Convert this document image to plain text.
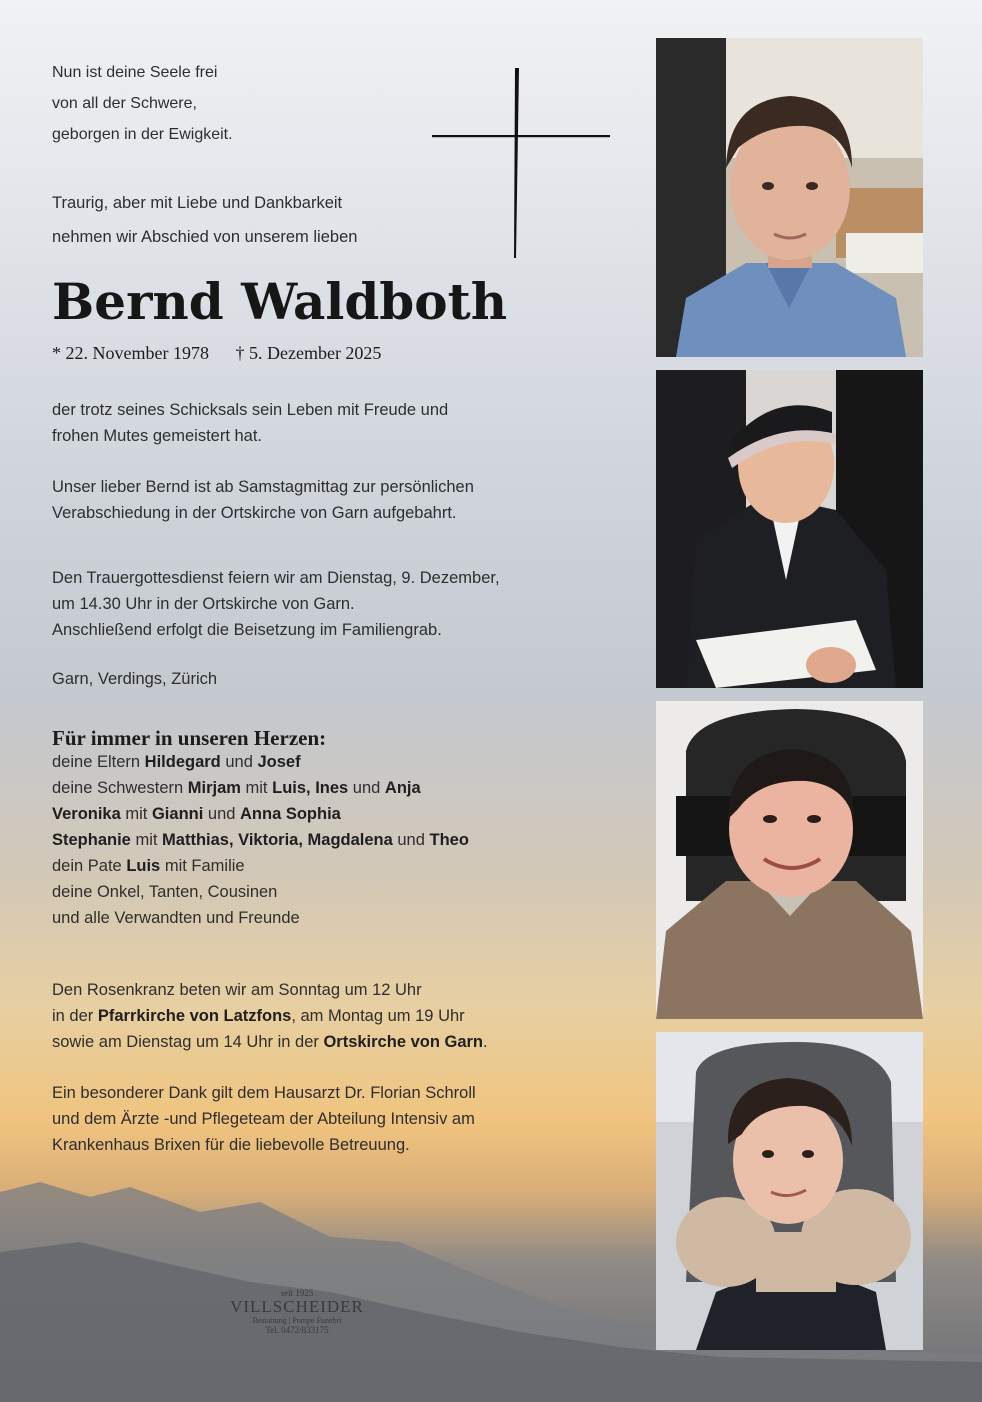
Nun ist deine Seele frei
von all der Schwere,
geborgen in der Ewigkeit.
Traurig, aber mit Liebe und Dankbarkeit
nehmen wir Abschied von unserem lieben
Bernd Waldboth
* 22. November 1978 † 5. Dezember 2025
der trotz seines Schicksals sein Leben mit Freude und
frohen Mutes gemeistert hat.
Unser lieber Bernd ist ab Samstagmittag zur persönlichen
Verabschiedung in der Ortskirche von Garn aufgebahrt.
Den Trauergottesdienst feiern wir am Dienstag, 9. Dezember,
um 14.30 Uhr in der Ortskirche von Garn.
Anschließend erfolgt die Beisetzung im Familiengrab.
Garn, Verdings, Zürich
Für immer in unseren Herzen:
deine Eltern Hildegard und Josef
deine Schwestern Mirjam mit Luis, Ines und Anja
Veronika mit Gianni und Anna Sophia
Stephanie mit Matthias, Viktoria, Magdalena und Theo
dein Pate Luis mit Familie
deine Onkel, Tanten, Cousinen
und alle Verwandten und Freunde
Den Rosenkranz beten wir am Sonntag um 12 Uhr
in der Pfarrkirche von Latzfons, am Montag um 19 Uhr
sowie am Dienstag um 14 Uhr in der Ortskirche von Garn.
Ein besonderer Dank gilt dem Hausarzt Dr. Florian Schroll
und dem Ärzte -und Pflegeteam der Abteilung Intensiv am
Krankenhaus Brixen für die liebevolle Betreuung.
seit 1925
VILLSCHEIDER
Bestattung | Pompe Funebri
Tel. 0472/833175
